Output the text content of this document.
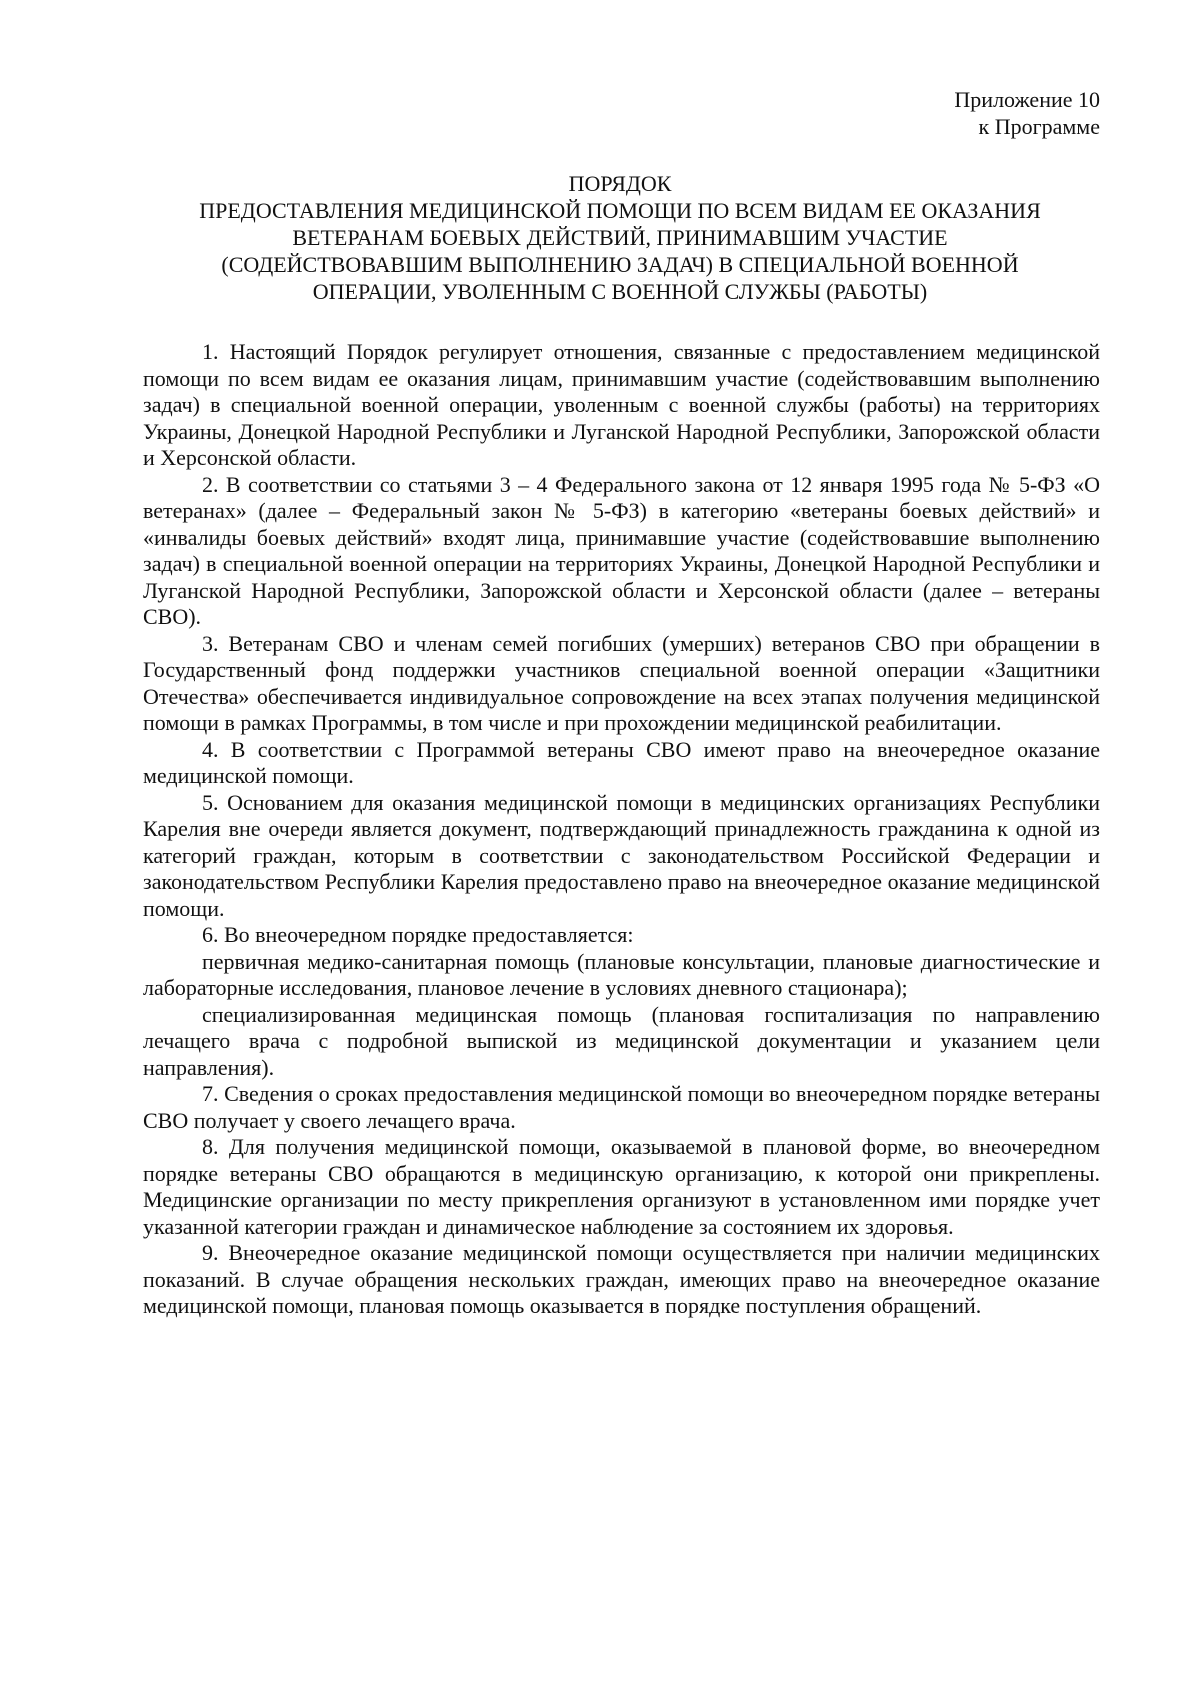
Приложение 10
к Программе
ПОРЯДОК
ПРЕДОСТАВЛЕНИЯ МЕДИЦИНСКОЙ ПОМОЩИ ПО ВСЕМ ВИДАМ ЕЕ ОКАЗАНИЯ
ВЕТЕРАНАМ БОЕВЫХ ДЕЙСТВИЙ, ПРИНИМАВШИМ УЧАСТИЕ
(СОДЕЙСТВОВАВШИМ ВЫПОЛНЕНИЮ ЗАДАЧ) В СПЕЦИАЛЬНОЙ ВОЕННОЙ
ОПЕРАЦИИ, УВОЛЕННЫМ С ВОЕННОЙ СЛУЖБЫ (РАБОТЫ)

1. Настоящий Порядок регулирует отношения, связанные с предоставлением медицинской помощи по всем видам ее оказания лицам, принимавшим участие (содействовавшим выполнению задач) в специальной военной операции, уволенным с военной службы (работы) на территориях Украины, Донецкой Народной Республики и Луганской Народной Республики, Запорожской области и Херсонской области.

2. В соответствии со статьями 3 – 4 Федерального закона от 12 января 1995 года № 5-ФЗ «О ветеранах» (далее – Федеральный закон № 5-ФЗ) в категорию «ветераны боевых действий» и «инвалиды боевых действий» входят лица, принимавшие участие (содействовавшие выполнению задач) в специальной военной операции на территориях Украины, Донецкой Народной Республики и Луганской Народной Республики, Запорожской области и Херсонской области (далее – ветераны СВО).

3. Ветеранам СВО и членам семей погибших (умерших) ветеранов СВО при обращении в Государственный фонд поддержки участников специальной военной операции «Защитники Отечества» обеспечивается индивидуальное сопровождение на всех этапах получения медицинской помощи в рамках Программы, в том числе и при прохождении медицинской реабилитации.

4. В соответствии с Программой ветераны СВО имеют право на внеочередное оказание медицинской помощи.

5. Основанием для оказания медицинской помощи в медицинских организациях Республики Карелия вне очереди является документ, подтверждающий принадлежность гражданина к одной из категорий граждан, которым в соответствии с законодательством Российской Федерации и законодательством Республики Карелия предоставлено право на внеочередное оказание медицинской помощи.

6. Во внеочередном порядке предоставляется:

первичная медико-санитарная помощь (плановые консультации, плановые диагностические и лабораторные исследования, плановое лечение в условиях дневного стационара);

специализированная медицинская помощь (плановая госпитализация по направлению лечащего врача с подробной выпиской из медицинской документации и указанием цели направления).

7. Сведения о сроках предоставления медицинской помощи во внеочередном порядке ветераны СВО получает у своего лечащего врача.

8. Для получения медицинской помощи, оказываемой в плановой форме, во внеочередном порядке ветераны СВО обращаются в медицинскую организацию, к которой они прикреплены. Медицинские организации по месту прикрепления организуют в установленном ими порядке учет указанной категории граждан и динамическое наблюдение за состоянием их здоровья.

9. Внеочередное оказание медицинской помощи осуществляется при наличии медицинских показаний. В случае обращения нескольких граждан, имеющих право на внеочередное оказание медицинской помощи, плановая помощь оказывается в порядке поступления обращений.
